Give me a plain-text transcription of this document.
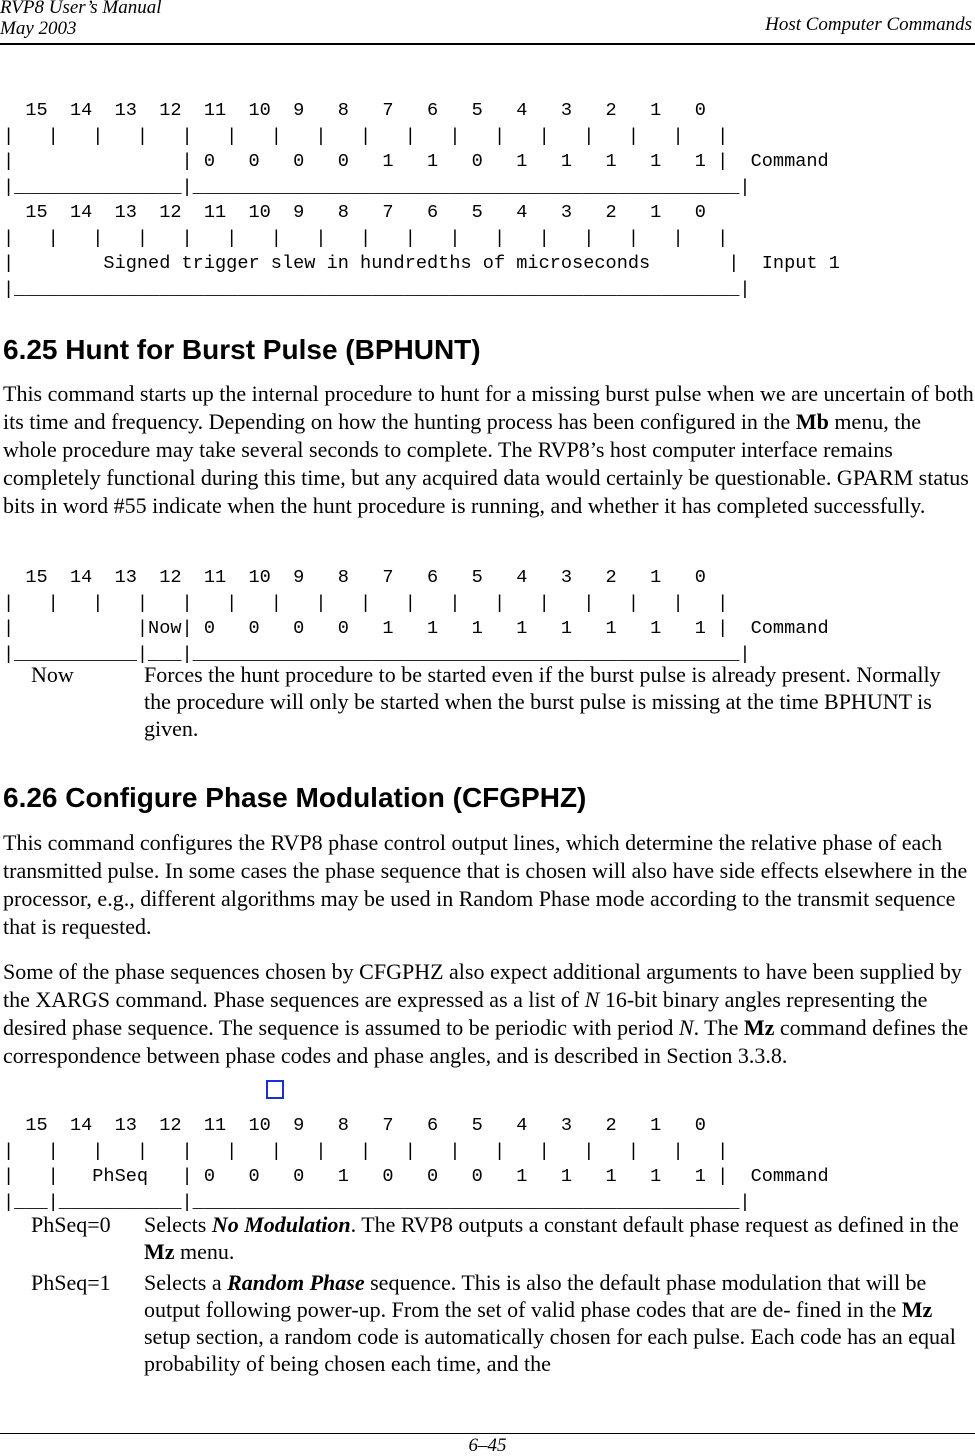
RVP8 User’s Manual
May 2003	Host Computer Commands
15  14  13  12  11  10  9   8   7   6   5   4   3   2   1   0
|   |   |   |   |   |   |   |   |   |   |   |   |   |   |   |   |
|               | 0   0   0   0   1   1   0   1   1   1   1   1 |  Command
|_______________|_________________________________________________|
15  14  13  12  11  10  9   8   7   6   5   4   3   2   1   0
|   |   |   |   |   |   |   |   |   |   |   |   |   |   |   |   |
|        Signed trigger slew in hundredths of microseconds       |  Input 1
|_________________________________________________________________|
6.25 Hunt for Burst Pulse (BPHUNT)

This command starts up the internal procedure to hunt for a missing burst pulse when we are uncertain of both its time and frequency. Depending on how the hunting process has been configured in the Mb menu, the whole procedure may take several seconds to complete. The RVP8’s host computer interface remains completely functional during this time, but any acquired data would certainly be questionable. GPARM status bits in word #55 indicate when the hunt procedure is running, and whether it has completed successfully.

15  14  13  12  11  10  9   8   7   6   5   4   3   2   1   0
|   |   |   |   |   |   |   |   |   |   |   |   |   |   |   |   |
|           |Now| 0   0   0   0   1   1   1   1   1   1   1   1 |  Command
|___________|___|_________________________________________________|
Now	Forces the hunt procedure to be started even if the burst pulse is already present. Normally the procedure will only be started when the burst pulse is missing at the time BPHUNT is given.
6.26 Configure Phase Modulation (CFGPHZ)

This command configures the RVP8 phase control output lines, which determine the relative phase of each transmitted pulse. In some cases the phase sequence that is chosen will also have side effects elsewhere in the processor, e.g., different algorithms may be used in Random Phase mode according to the transmit sequence that is requested.

Some of the phase sequences chosen by CFGPHZ also expect additional arguments to have been supplied by the XARGS command. Phase sequences are expressed as a list of N 16-bit binary angles representing the desired phase sequence. The sequence is assumed to be periodic with period N. The Mz command defines the correspondence between phase codes and phase angles, and is described in Section 3.3.8.

15  14  13  12  11  10  9   8   7   6   5   4   3   2   1   0
|   |   |   |   |   |   |   |   |   |   |   |   |   |   |   |   |
|   |   PhSeq   | 0   0   0   1   0   0   0   1   1   1   1   1 |  Command
|___|___________|_________________________________________________|
PhSeq=0 Selects No Modulation. The RVP8 outputs a constant default phase request as defined in the Mz menu.
PhSeq=1 Selects a Random Phase sequence. This is also the default phase modulation that will be output following power-up. From the set of valid phase codes that are de- fined in the Mz setup section, a random code is automatically chosen for each pulse. Each code has an equal probability of being chosen each time, and the
6–45
